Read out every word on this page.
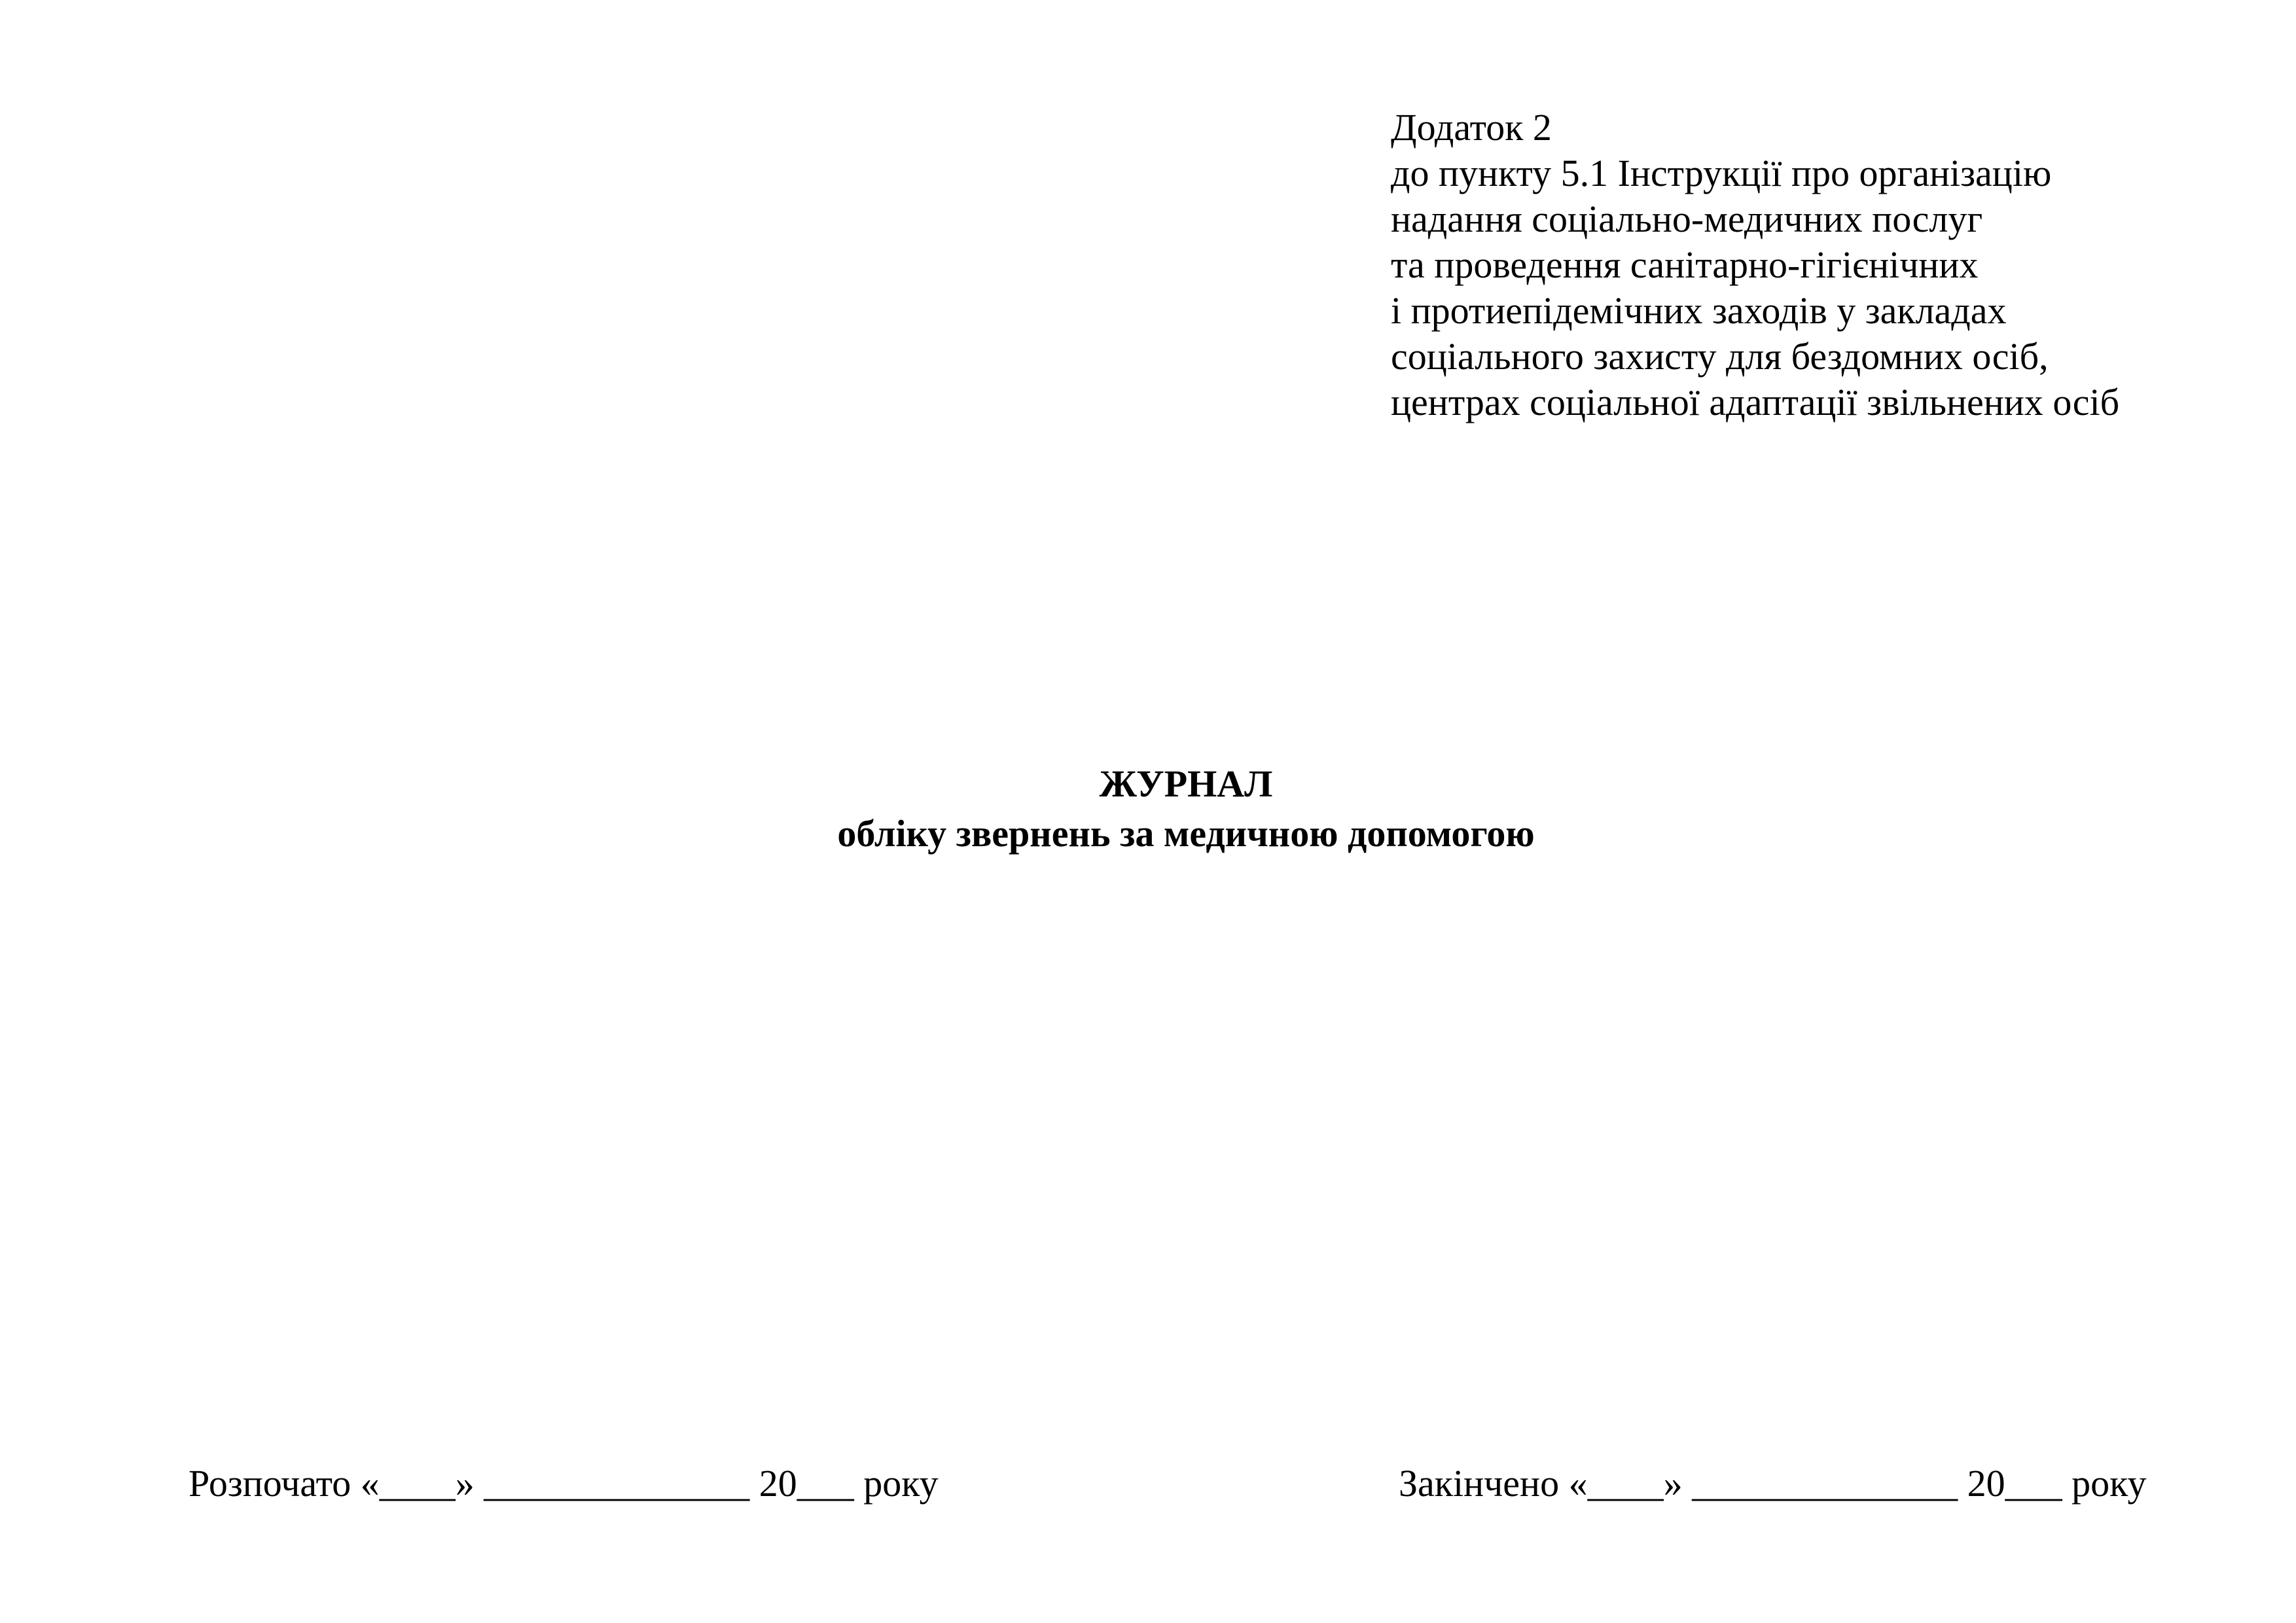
Додаток 2
до пункту 5.1 Інструкції про організацію
надання соціально-медичних послуг
та проведення санітарно-гігієнічних
і протиепідемічних заходів у закладах
соціального захисту для бездомних осіб,
центрах соціальної адаптації звільнених осіб
ЖУРНАЛ
обліку звернень за медичною допомогою
Розпочато «____» ______________ 20___ року	Закінчено «____» ______________ 20___ року
